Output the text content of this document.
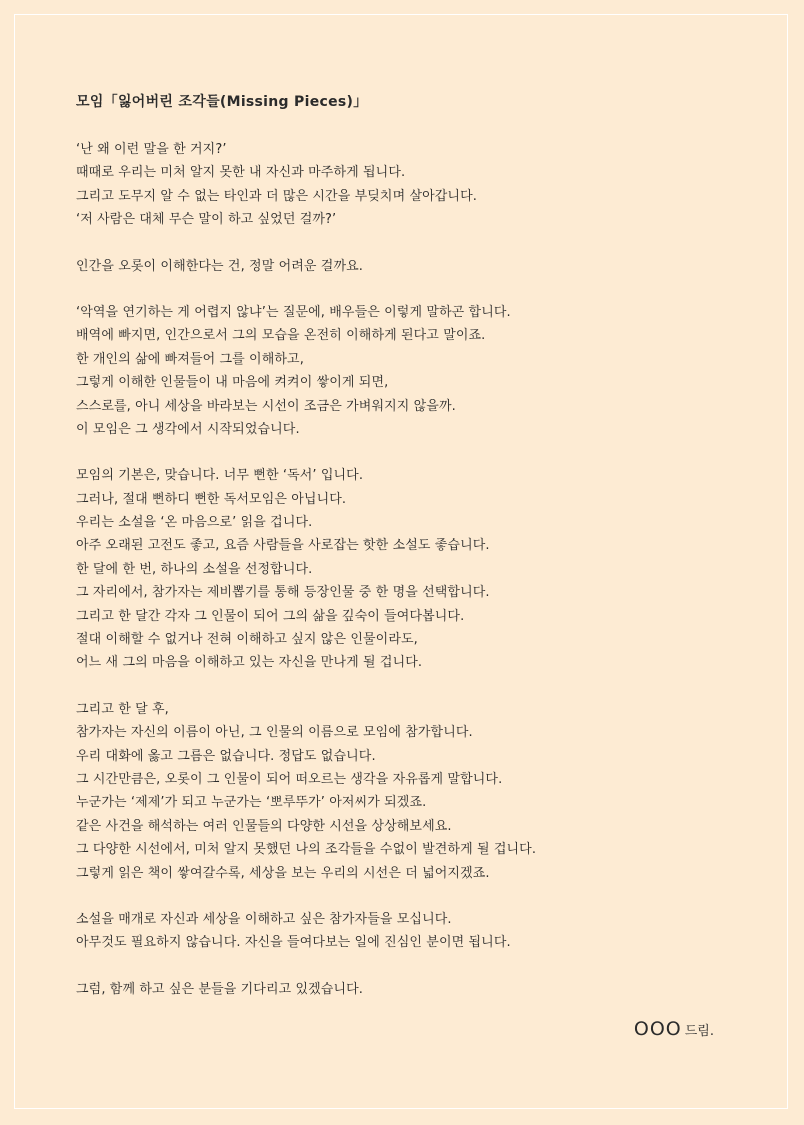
모임「잃어버린 조각들(Missing Pieces)」
‘난 왜 이런 말을 한 거지?’
때때로 우리는 미처 알지 못한 내 자신과 마주하게 됩니다.
그리고 도무지 알 수 없는 타인과 더 많은 시간을 부딪치며 살아갑니다.
‘저 사람은 대체 무슨 말이 하고 싶었던 걸까?’
인간을 오롯이 이해한다는 건, 정말 어려운 걸까요.
‘악역을 연기하는 게 어렵지 않냐’는 질문에, 배우들은 이렇게 말하곤 합니다.
배역에 빠지면, 인간으로서 그의 모습을 온전히 이해하게 된다고 말이죠.
한 개인의 삶에 빠져들어 그를 이해하고,
그렇게 이해한 인물들이 내 마음에 켜켜이 쌓이게 되면,
스스로를, 아니 세상을 바라보는 시선이 조금은 가벼워지지 않을까.
이 모임은 그 생각에서 시작되었습니다.
모임의 기본은, 맞습니다. 너무 뻔한 ‘독서’ 입니다.
그러나, 절대 뻔하디 뻔한 독서모임은 아닙니다.
우리는 소설을 ‘온 마음으로’ 읽을 겁니다.
아주 오래된 고전도 좋고, 요즘 사람들을 사로잡는 핫한 소설도 좋습니다.
한 달에 한 번, 하나의 소설을 선정합니다.
그 자리에서, 참가자는 제비뽑기를 통해 등장인물 중 한 명을 선택합니다.
그리고 한 달간 각자 그 인물이 되어 그의 삶을 깊숙이 들여다봅니다.
절대 이해할 수 없거나 전혀 이해하고 싶지 않은 인물이라도,
어느 새 그의 마음을 이해하고 있는 자신을 만나게 될 겁니다.
그리고 한 달 후,
참가자는 자신의 이름이 아닌, 그 인물의 이름으로 모임에 참가합니다.
우리 대화에 옳고 그름은 없습니다. 정답도 없습니다.
그 시간만큼은, 오롯이 그 인물이 되어 떠오르는 생각을 자유롭게 말합니다.
누군가는 ‘제제’가 되고 누군가는 ‘뽀루뚜가’ 아저씨가 되겠죠.
같은 사건을 해석하는 여러 인물들의 다양한 시선을 상상해보세요.
그 다양한 시선에서, 미처 알지 못했던 나의 조각들을 수없이 발견하게 될 겁니다.
그렇게 읽은 책이 쌓여갈수록, 세상을 보는 우리의 시선은 더 넓어지겠죠.
소설을 매개로 자신과 세상을 이해하고 싶은 참가자들을 모십니다.
아무것도 필요하지 않습니다. 자신을 들여다보는 일에 진심인 분이면 됩니다.
그럼, 함께 하고 싶은 분들을 기다리고 있겠습니다.
OOO 드림.
